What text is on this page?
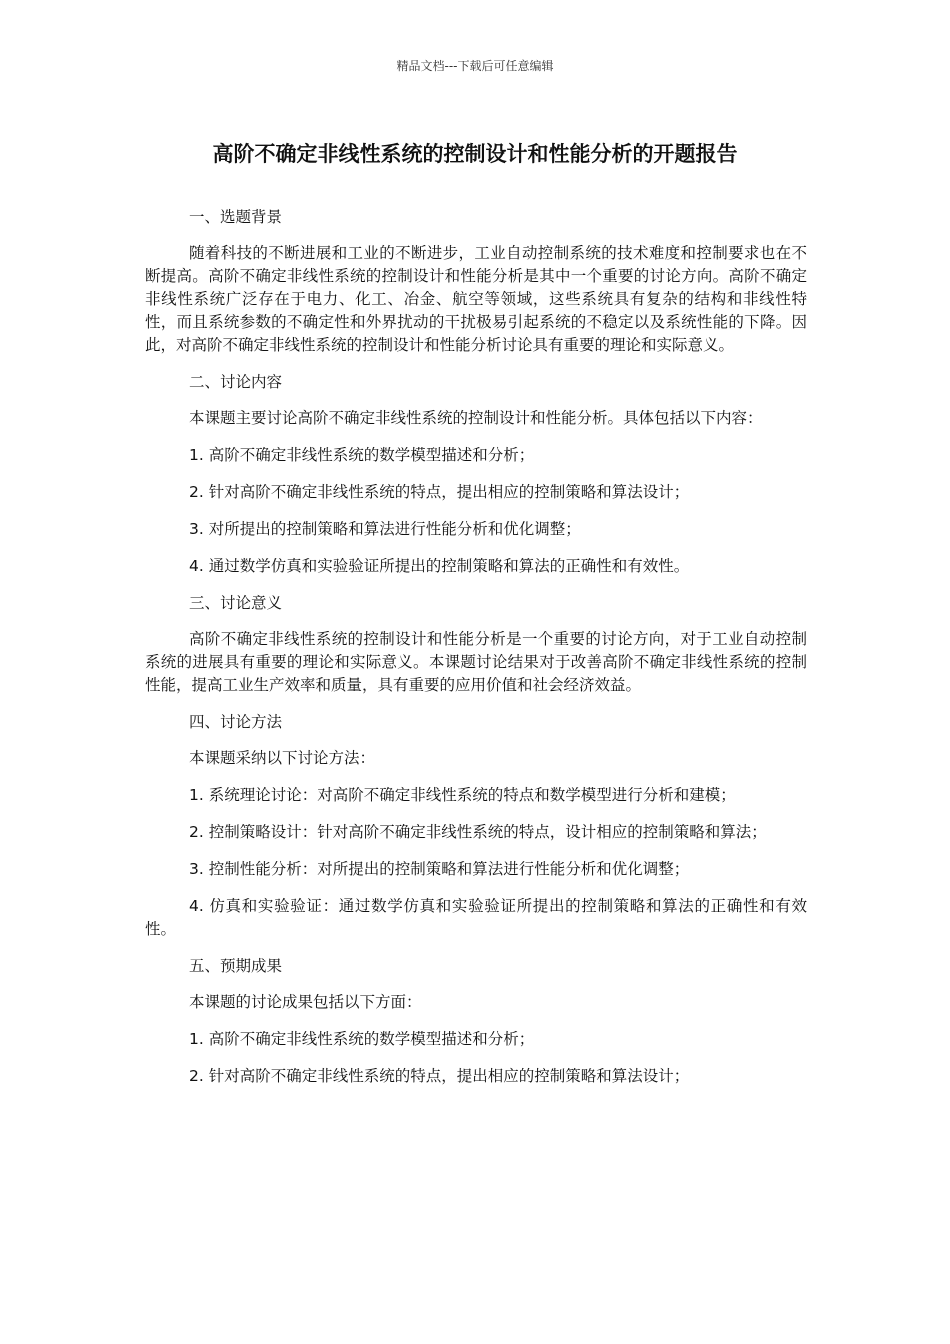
精品文档---下载后可任意编辑
高阶不确定非线性系统的控制设计和性能分析的开题报告

一、选题背景

随着科技的不断进展和工业的不断进步，工业自动控制系统的技术难度和控制要求也在不断提高。高阶不确定非线性系统的控制设计和性能分析是其中一个重要的讨论方向。高阶不确定非线性系统广泛存在于电力、化工、冶金、航空等领域，这些系统具有复杂的结构和非线性特性，而且系统参数的不确定性和外界扰动的干扰极易引起系统的不稳定以及系统性能的下降。因此，对高阶不确定非线性系统的控制设计和性能分析讨论具有重要的理论和实际意义。

二、讨论内容

本课题主要讨论高阶不确定非线性系统的控制设计和性能分析。具体包括以下内容：

1. 高阶不确定非线性系统的数学模型描述和分析；

2. 针对高阶不确定非线性系统的特点，提出相应的控制策略和算法设计；

3. 对所提出的控制策略和算法进行性能分析和优化调整；

4. 通过数学仿真和实验验证所提出的控制策略和算法的正确性和有效性。

三、讨论意义

高阶不确定非线性系统的控制设计和性能分析是一个重要的讨论方向，对于工业自动控制系统的进展具有重要的理论和实际意义。本课题讨论结果对于改善高阶不确定非线性系统的控制性能，提高工业生产效率和质量，具有重要的应用价值和社会经济效益。

四、讨论方法

本课题采纳以下讨论方法：

1. 系统理论讨论：对高阶不确定非线性系统的特点和数学模型进行分析和建模；

2. 控制策略设计：针对高阶不确定非线性系统的特点，设计相应的控制策略和算法；

3. 控制性能分析：对所提出的控制策略和算法进行性能分析和优化调整；

4. 仿真和实验验证：通过数学仿真和实验验证所提出的控制策略和算法的正确性和有效性。

五、预期成果

本课题的讨论成果包括以下方面：

1. 高阶不确定非线性系统的数学模型描述和分析；

2. 针对高阶不确定非线性系统的特点，提出相应的控制策略和算法设计；
